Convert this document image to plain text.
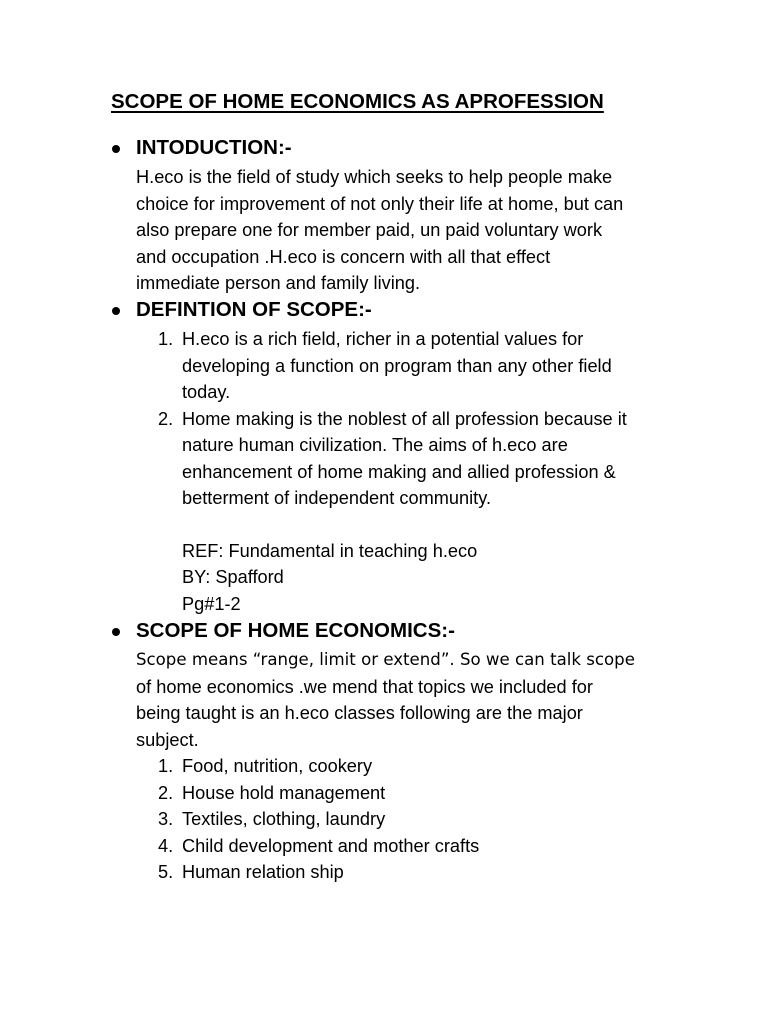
SCOPE OF HOME ECONOMICS AS APROFESSION
INTODUCTION:-

H.eco is the field of study which seeks to help people make
choice for improvement of not only their life at home, but can
also prepare one for member paid, un paid voluntary work
and occupation .H.eco is concern with all that effect
immediate person and family living.

DEFINTION OF SCOPE:-
1. H.eco is a rich field, richer in a potential values for
developing a function on program than any other field
today.
2. Home making is the noblest of all profession because it
nature human civilization. The aims of h.eco are
enhancement of home making and allied profession &
betterment of independent community.
REF: Fundamental in teaching h.eco
BY: Spafford
Pg#1-2
SCOPE OF HOME ECONOMICS:-

Scope means “range, limit or extend”. So we can talk scope
of home economics .we mend that topics we included for
being taught is an h.eco classes following are the major
subject.

1. Food, nutrition, cookery
2. House hold management
3. Textiles, clothing, laundry
4. Child development and mother crafts
5. Human relation ship
